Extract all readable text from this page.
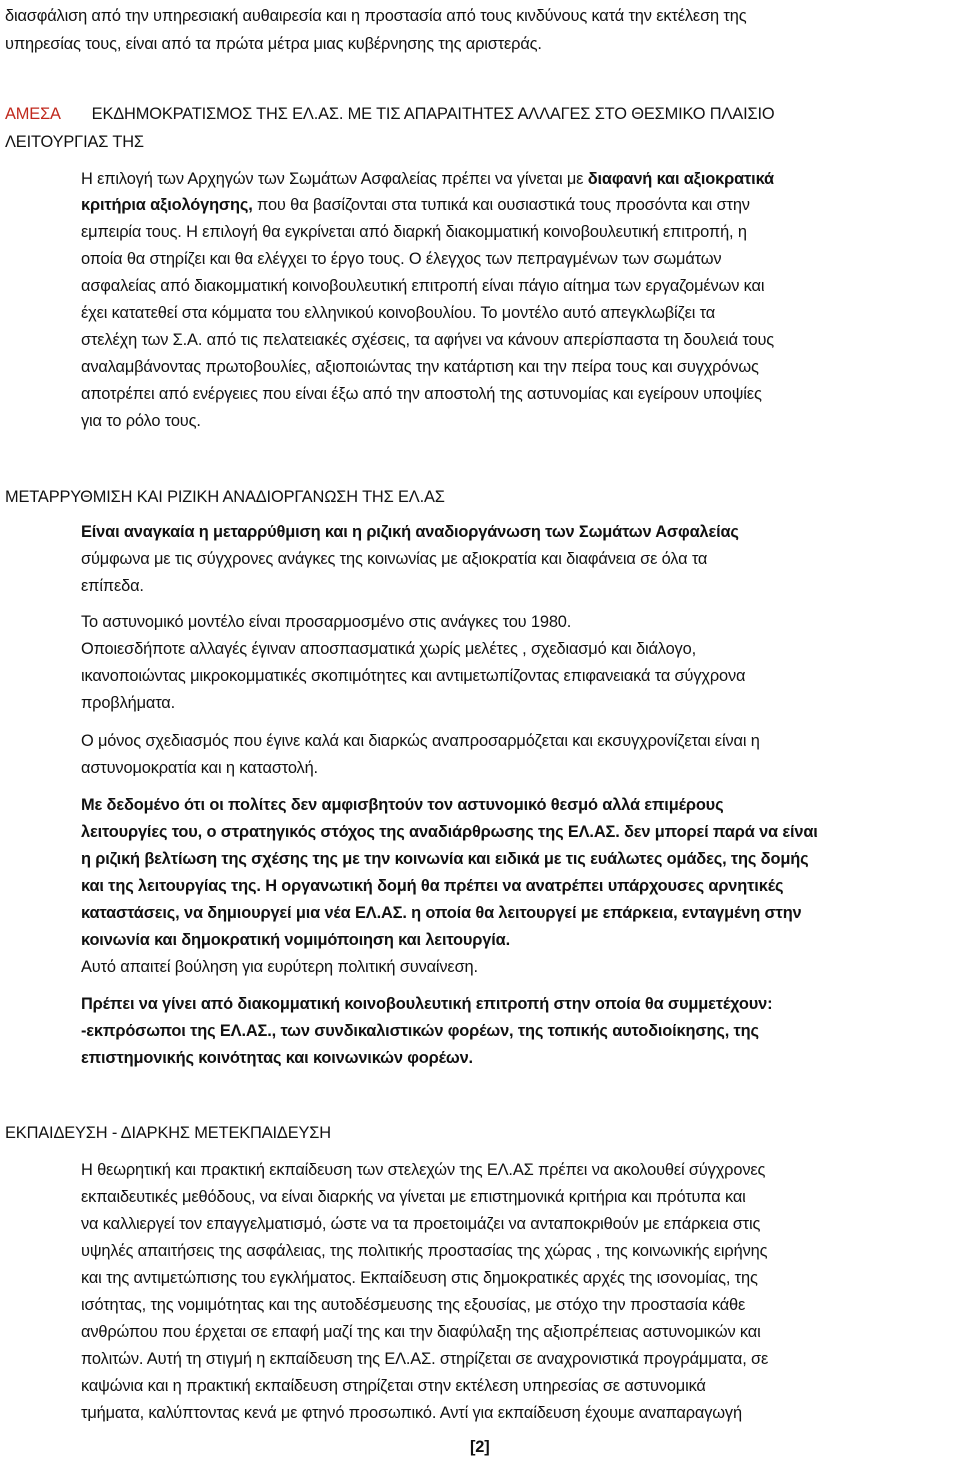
διασφάλιση από την υπηρεσιακή αυθαιρεσία και η προστασία από τους κινδύνους κατά την εκτέλεση της
υπηρεσίας τους, είναι από τα πρώτα μέτρα μιας κυβέρνησης της αριστεράς.
ΑΜΕΣΑ ΕΚΔΗΜΟΚΡΑΤΙΣΜΟΣ ΤΗΣ ΕΛ.ΑΣ. ΜΕ ΤΙΣ ΑΠΑΡΑΙΤΗΤΕΣ ΑΛΛΑΓΕΣ ΣΤΟ ΘΕΣΜΙΚΟ ΠΛΑΙΣΙΟ
ΛΕΙΤΟΥΡΓΙΑΣ ΤΗΣ
Η επιλογή των Αρχηγών των Σωμάτων Ασφαλείας πρέπει να γίνεται με διαφανή και αξιοκρατικά
κριτήρια αξιολόγησης, που θα βασίζονται στα τυπικά και ουσιαστικά τους προσόντα και στην
εμπειρία τους. Η επιλογή θα εγκρίνεται από διαρκή διακομματική κοινοβουλευτική επιτροπή, η
οποία θα στηρίζει και θα ελέγχει το έργο τους. Ο έλεγχος των πεπραγμένων των σωμάτων
ασφαλείας από διακομματική κοινοβουλευτική επιτροπή είναι πάγιο αίτημα των εργαζομένων και
έχει κατατεθεί στα κόμματα του ελληνικού κοινοβουλίου. Το μοντέλο αυτό απεγκλωβίζει τα
στελέχη των Σ.Α. από τις πελατειακές σχέσεις, τα αφήνει να κάνουν απερίσπαστα τη δουλειά τους
αναλαμβάνοντας πρωτοβουλίες, αξιοποιώντας την κατάρτιση και την πείρα τους και συγχρόνως
αποτρέπει από ενέργειες που είναι έξω από την αποστολή της αστυνομίας και εγείρουν υποψίες
για το ρόλο τους.
ΜΕΤΑΡΡΥΘΜΙΣΗ ΚΑΙ ΡΙΖΙΚΗ ΑΝΑΔΙΟΡΓΑΝΩΣΗ ΤΗΣ ΕΛ.ΑΣ
Είναι αναγκαία η μεταρρύθμιση και η ριζική αναδιοργάνωση των Σωμάτων Ασφαλείας
σύμφωνα με τις σύγχρονες ανάγκες της κοινωνίας με αξιοκρατία και διαφάνεια σε όλα τα
επίπεδα.
Το αστυνομικό μοντέλο είναι προσαρμοσμένο στις ανάγκες του 1980.
Οποιεσδήποτε αλλαγές έγιναν αποσπασματικά χωρίς μελέτες , σχεδιασμό και διάλογο,
ικανοποιώντας μικροκομματικές σκοπιμότητες και αντιμετωπίζοντας επιφανειακά τα σύγχρονα
προβλήματα.
Ο μόνος σχεδιασμός που έγινε καλά και διαρκώς αναπροσαρμόζεται και εκσυγχρονίζεται είναι η
αστυνομοκρατία και η καταστολή.
Με δεδομένο ότι οι πολίτες δεν αμφισβητούν τον αστυνομικό θεσμό αλλά επιμέρους
λειτουργίες του, ο στρατηγικός στόχος της αναδιάρθρωσης της ΕΛ.ΑΣ. δεν μπορεί παρά να είναι
η ριζική βελτίωση της σχέσης της με την κοινωνία και ειδικά με τις ευάλωτες ομάδες, της δομής
και της λειτουργίας της. Η οργανωτική δομή θα πρέπει να ανατρέπει υπάρχουσες αρνητικές
καταστάσεις, να δημιουργεί μια νέα ΕΛ.ΑΣ. η οποία θα λειτουργεί με επάρκεια, ενταγμένη στην
κοινωνία και δημοκρατική νομιμόποιηση και λειτουργία.
Αυτό απαιτεί βούληση για ευρύτερη πολιτική συναίνεση.
Πρέπει να γίνει από διακομματική κοινοβουλευτική επιτροπή στην οποία θα συμμετέχουν:
-εκπρόσωποι της ΕΛ.ΑΣ., των συνδικαλιστικών φορέων, της τοπικής αυτοδιοίκησης, της
επιστημονικής κοινότητας και κοινωνικών φορέων.
ΕΚΠΑΙΔΕΥΣΗ - ΔΙΑΡΚΗΣ ΜΕΤΕΚΠΑΙΔΕΥΣΗ
Η θεωρητική και πρακτική εκπαίδευση των στελεχών της ΕΛ.ΑΣ πρέπει να ακολουθεί σύγχρονες
εκπαιδευτικές μεθόδους, να είναι διαρκής να γίνεται με επιστημονικά κριτήρια και πρότυπα και
να καλλιεργεί τον επαγγελματισμό, ώστε να τα προετοιμάζει να ανταποκριθούν με επάρκεια στις
υψηλές απαιτήσεις της ασφάλειας, της πολιτικής προστασίας της χώρας , της κοινωνικής ειρήνης
και της αντιμετώπισης του εγκλήματος. Εκπαίδευση στις δημοκρατικές αρχές της ισονομίας, της
ισότητας, της νομιμότητας και της αυτοδέσμευσης της εξουσίας, με στόχο την προστασία κάθε
ανθρώπου που έρχεται σε επαφή μαζί της και την διαφύλαξη της αξιοπρέπειας αστυνομικών και
πολιτών. Αυτή τη στιγμή η εκπαίδευση της ΕΛ.ΑΣ. στηρίζεται σε αναχρονιστικά προγράμματα, σε
καψώνια και η πρακτική εκπαίδευση στηρίζεται στην εκτέλεση υπηρεσίας σε αστυνομικά
τμήματα, καλύπτοντας κενά με φτηνό προσωπικό. Αντί για εκπαίδευση έχουμε αναπαραγωγή
[2]
